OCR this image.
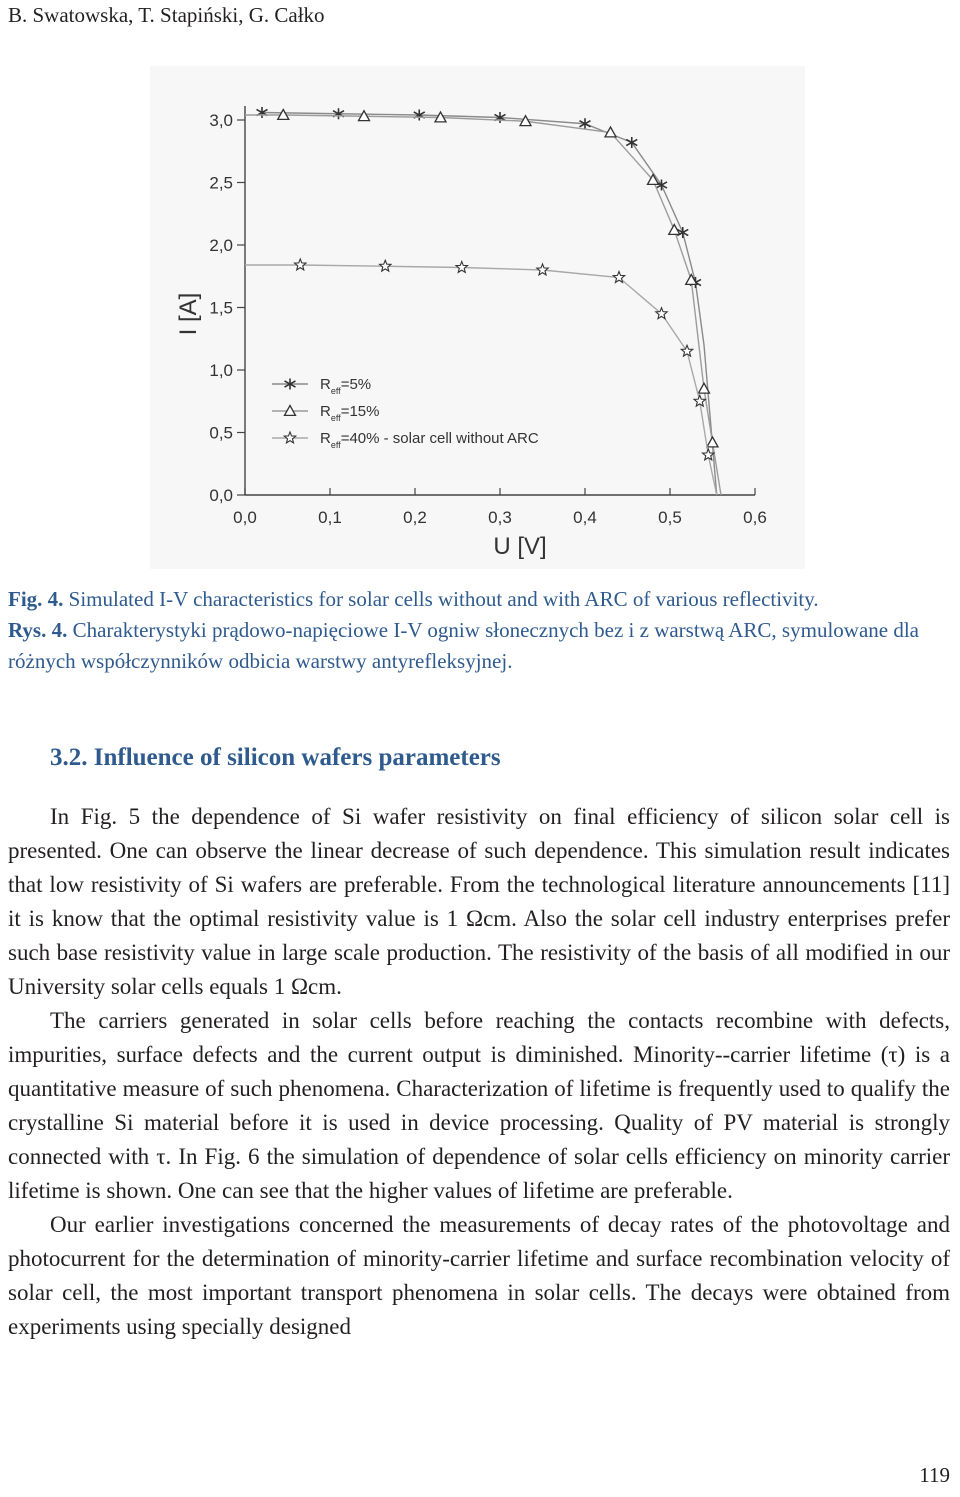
B. Swatowska, T. Stapiński, G. Całko

0,0	0,1	0,2	0,3	0,4	0,5	0,6
0,0
0,5
1,0
1,5
2,0
2,5
3,0
$R_{eff}=5\%$
$R_{eff}=15\%$
$R_{eff}=40\%$ - solar cell without ARC
U [V]
I [A]

Fig. 4. Simulated I-V characteristics for solar cells without and with ARC of various reflectivity.

Rys. 4. Charakterystyki prądowo-napięciowe I-V ogniw słonecznych bez i z warstwą ARC, symulowane dla różnych współczynników odbicia warstwy antyrefleksyjnej.

3.2. Influence of silicon wafers parameters

In Fig. 5 the dependence of Si wafer resistivity on final efficiency of silicon solar cell is presented. One can observe the linear decrease of such dependence. This simulation result indicates that low resistivity of Si wafers are preferable. From the technological literature announcements [11] it is know that the optimal resistivity value is 1 Ωcm. Also the solar cell industry enterprises prefer such base resistivity value in large scale production. The resistivity of the basis of all modified in our University solar cells equals 1 Ωcm.

The carriers generated in solar cells before reaching the contacts recombine with defects, impurities, surface defects and the current output is diminished. Minority--carrier lifetime (τ) is a quantitative measure of such phenomena. Characterization of lifetime is frequently used to qualify the crystalline Si material before it is used in device processing. Quality of PV material is strongly connected with τ. In Fig. 6 the simulation of dependence of solar cells efficiency on minority carrier lifetime is shown. One can see that the higher values of lifetime are preferable.

Our earlier investigations concerned the measurements of decay rates of the photovoltage and photocurrent for the determination of minority-carrier lifetime and surface recombination velocity of solar cell, the most important transport phenomena in solar cells. The decays were obtained from experiments using specially designed

119
